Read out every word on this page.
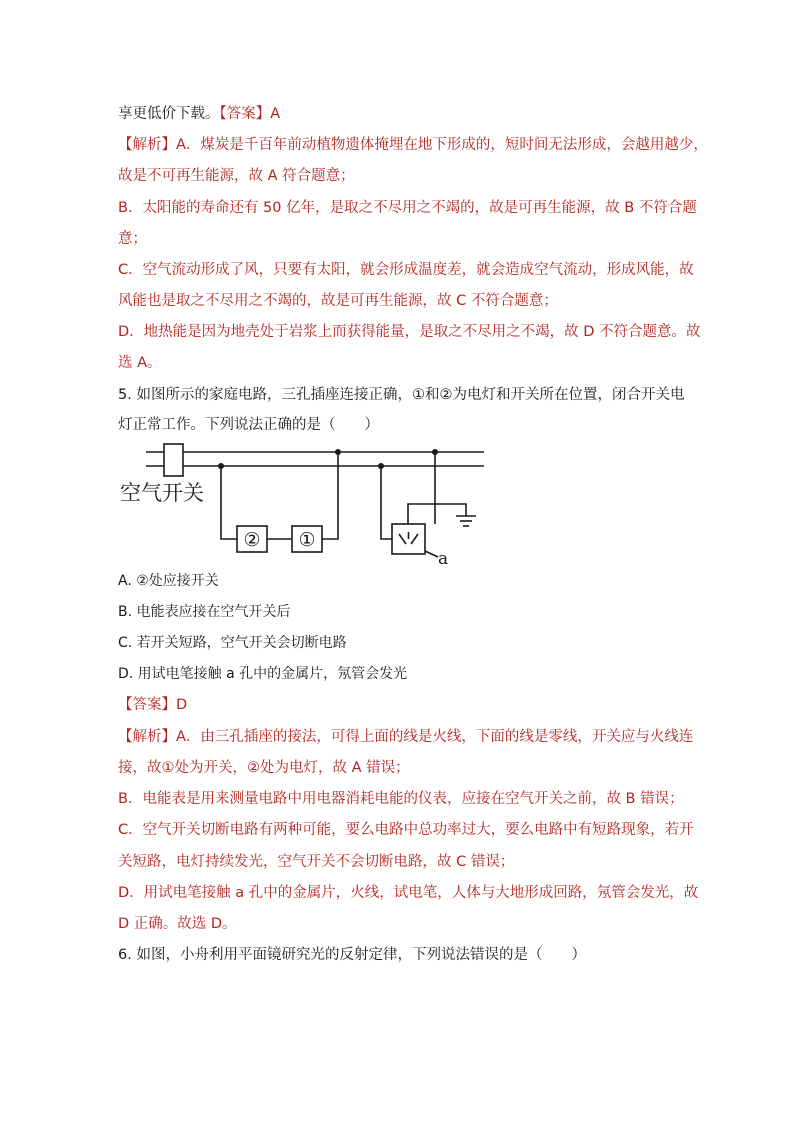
享更低价下载。【答案】A
【解析】A．煤炭是千百年前动植物遗体掩埋在地下形成的，短时间无法形成，会越用越少，
故是不可再生能源，故 A 符合题意；
B．太阳能的寿命还有 50 亿年，是取之不尽用之不竭的，故是可再生能源，故 B 不符合题
意；
C．空气流动形成了风，只要有太阳，就会形成温度差，就会造成空气流动，形成风能，故
风能也是取之不尽用之不竭的，故是可再生能源，故 C 不符合题意；
D．地热能是因为地壳处于岩浆上而获得能量，是取之不尽用之不竭，故 D 不符合题意。故
选 A。
5. 如图所示的家庭电路，三孔插座连接正确，①和②为电灯和开关所在位置，闭合开关电
灯正常工作。下列说法正确的是（　　）
空气开关
② ①
a
A. ②处应接开关
B. 电能表应接在空气开关后
C. 若开关短路，空气开关会切断电路
D. 用试电笔接触 a 孔中的金属片，氖管会发光
【答案】D
【解析】A．由三孔插座的接法，可得上面的线是火线，下面的线是零线，开关应与火线连
接，故①处为开关，②处为电灯，故 A 错误；
B．电能表是用来测量电路中用电器消耗电能的仪表，应接在空气开关之前，故 B 错误；
C．空气开关切断电路有两种可能，要么电路中总功率过大，要么电路中有短路现象，若开
关短路，电灯持续发光，空气开关不会切断电路，故 C 错误；
D．用试电笔接触 a 孔中的金属片，火线，试电笔，人体与大地形成回路，氖管会发光，故
D 正确。故选 D。
6. 如图，小舟利用平面镜研究光的反射定律，下列说法错误的是（　　）
